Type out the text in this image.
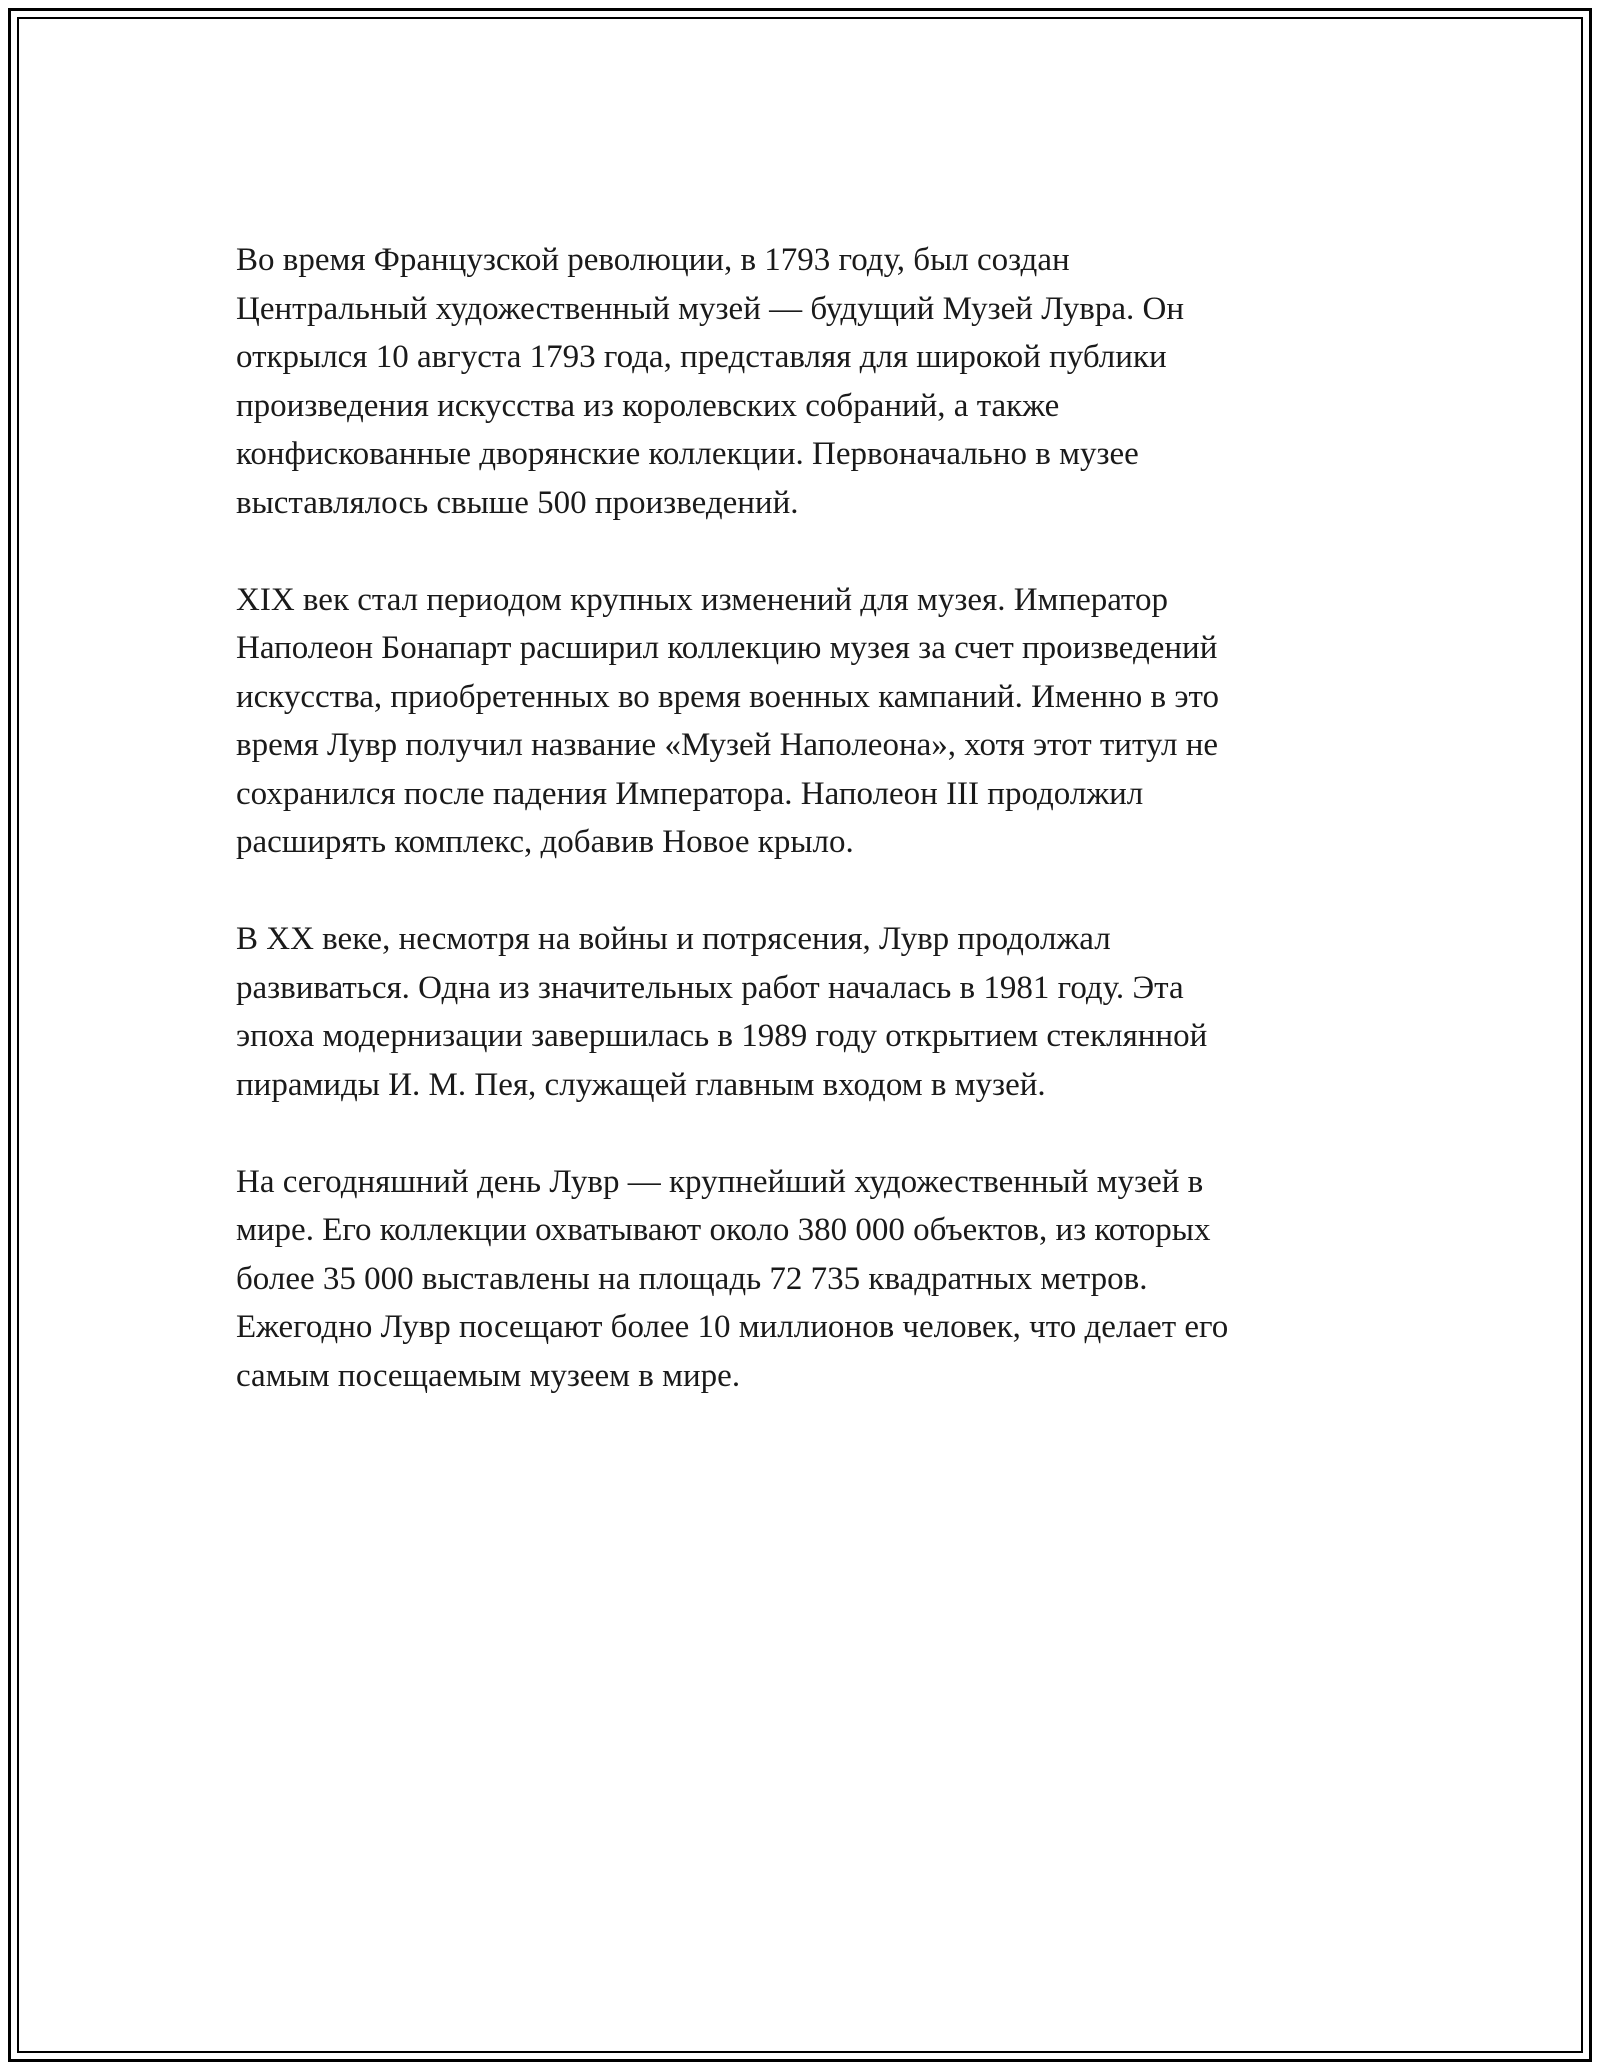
Во время Французской революции, в 1793 году, был создан
Центральный художественный музей — будущий Музей Лувра. Он
открылся 10 августа 1793 года, представляя для широкой публики
произведения искусства из королевских собраний, а также
конфискованные дворянские коллекции. Первоначально в музее
выставлялось свыше 500 произведений.

XIX век стал периодом крупных изменений для музея. Император
Наполеон Бонапарт расширил коллекцию музея за счет произведений
искусства, приобретенных во время военных кампаний. Именно в это
время Лувр получил название «Музей Наполеона», хотя этот титул не
сохранился после падения Императора. Наполеон III продолжил
расширять комплекс, добавив Новое крыло.

В XX веке, несмотря на войны и потрясения, Лувр продолжал
развиваться. Одна из значительных работ началась в 1981 году. Эта
эпоха модернизации завершилась в 1989 году открытием стеклянной
пирамиды И. М. Пея, служащей главным входом в музей.

На сегодняшний день Лувр — крупнейший художественный музей в
мире. Его коллекции охватывают около 380 000 объектов, из которых
более 35 000 выставлены на площадь 72 735 квадратных метров.
Ежегодно Лувр посещают более 10 миллионов человек, что делает его
самым посещаемым музеем в мире.
